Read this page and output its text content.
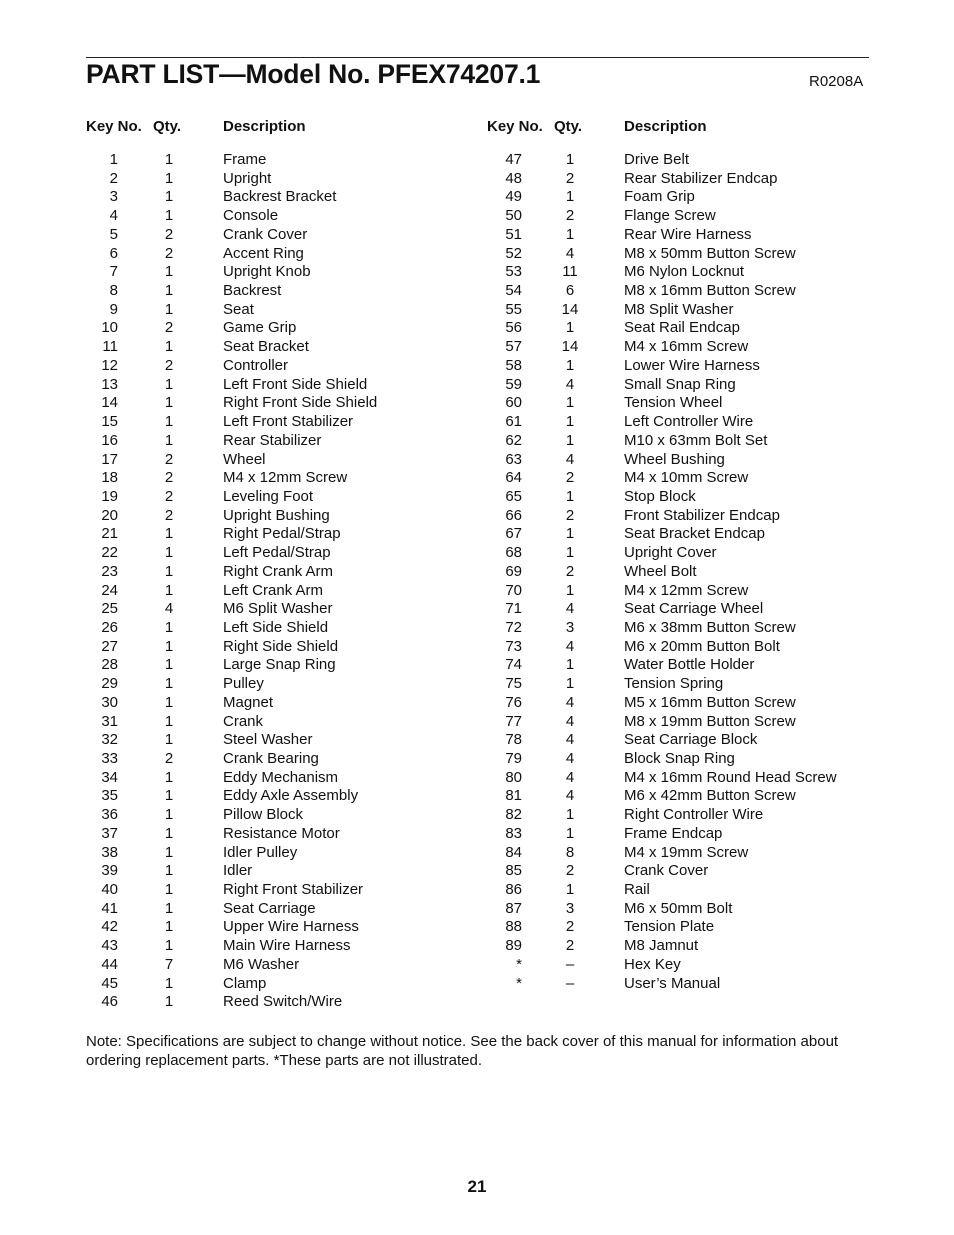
PART LIST—Model No. PFEX74207.1	R0208A
Key No. Qty.	Description	Key No. Qty.	Description
1	1	Frame
2	1	Upright
3	1	Backrest Bracket
4	1	Console
5	2	Crank Cover
6	2	Accent Ring
7	1	Upright Knob
8	1	Backrest
9	1	Seat
10	2	Game Grip
11	1	Seat Bracket
12	2	Controller
13	1	Left Front Side Shield
14	1	Right Front Side Shield
15	1	Left Front Stabilizer
16	1	Rear Stabilizer
17	2	Wheel
18	2	M4 x 12mm Screw
19	2	Leveling Foot
20	2	Upright Bushing
21	1	Right Pedal/Strap
22	1	Left Pedal/Strap
23	1	Right Crank Arm
24	1	Left Crank Arm
25	4	M6 Split Washer
26	1	Left Side Shield
27	1	Right Side Shield
28	1	Large Snap Ring
29	1	Pulley
30	1	Magnet
31	1	Crank
32	1	Steel Washer
33	2	Crank Bearing
34	1	Eddy Mechanism
35	1	Eddy Axle Assembly
36	1	Pillow Block
37	1	Resistance Motor
38	1	Idler Pulley
39	1	Idler
40	1	Right Front Stabilizer
41	1	Seat Carriage
42	1	Upper Wire Harness
43	1	Main Wire Harness
44	7	M6 Washer
45	1	Clamp
46	1	Reed Switch/Wire
47	1	Drive Belt
48	2	Rear Stabilizer Endcap
49	1	Foam Grip
50	2	Flange Screw
51	1	Rear Wire Harness
52	4	M8 x 50mm Button Screw
53	11	M6 Nylon Locknut
54	6	M8 x 16mm Button Screw
55	14	M8 Split Washer
56	1	Seat Rail Endcap
57	14	M4 x 16mm Screw
58	1	Lower Wire Harness
59	4	Small Snap Ring
60	1	Tension Wheel
61	1	Left Controller Wire
62	1	M10 x 63mm Bolt Set
63	4	Wheel Bushing
64	2	M4 x 10mm Screw
65	1	Stop Block
66	2	Front Stabilizer Endcap
67	1	Seat Bracket Endcap
68	1	Upright Cover
69	2	Wheel Bolt
70	1	M4 x 12mm Screw
71	4	Seat Carriage Wheel
72	3	M6 x 38mm Button Screw
73	4	M6 x 20mm Button Bolt
74	1	Water Bottle Holder
75	1	Tension Spring
76	4	M5 x 16mm Button Screw
77	4	M8 x 19mm Button Screw
78	4	Seat Carriage Block
79	4	Block Snap Ring
80	4	M4 x 16mm Round Head Screw
81	4	M6 x 42mm Button Screw
82	1	Right Controller Wire
83	1	Frame Endcap
84	8	M4 x 19mm Screw
85	2	Crank Cover
86	1	Rail
87	3	M6 x 50mm Bolt
88	2	Tension Plate
89	2	M8 Jamnut
*	–	Hex Key
*	–	User’s Manual
Note: Specifications are subject to change without notice. See the back cover of this manual for information about ordering replacement parts. *These parts are not illustrated.
21
